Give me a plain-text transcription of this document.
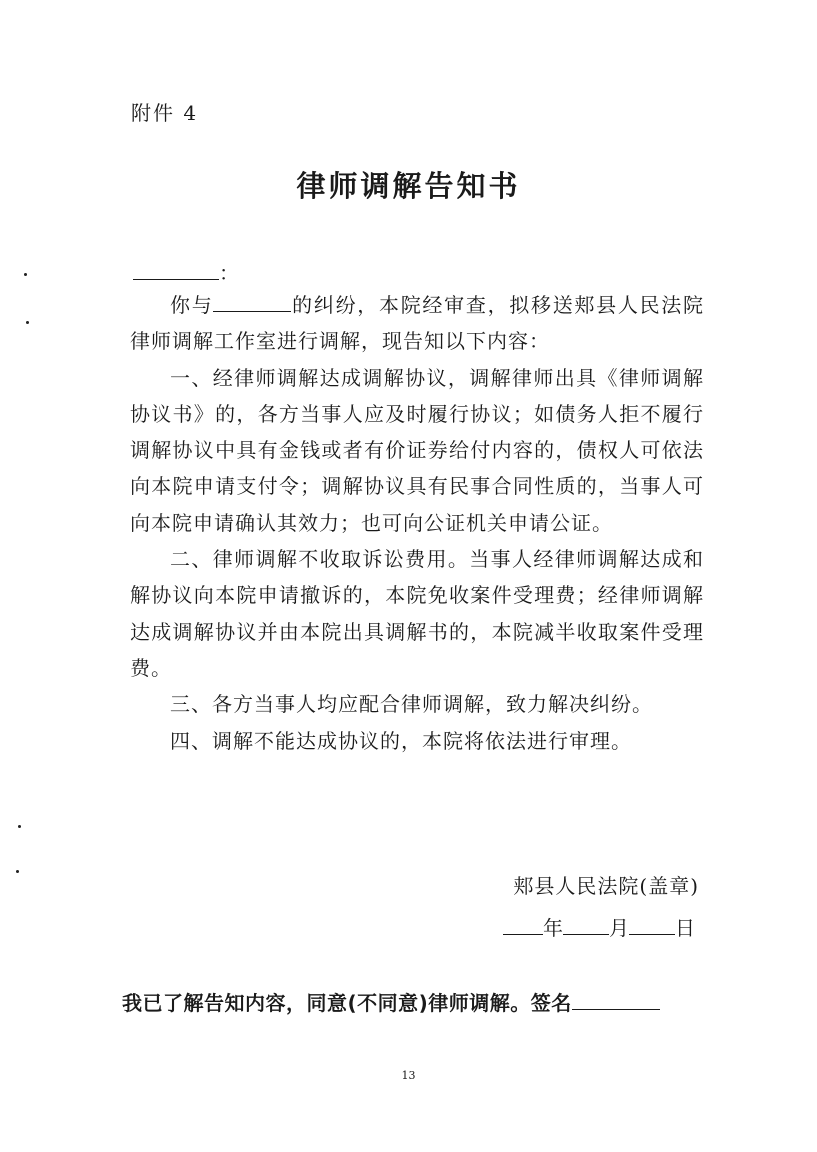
附件 4
律师调解告知书
：

你与	的纠纷，本院经审查，拟移送郏县人民法院律师调解工作室进行调解，现告知以下内容：

一、经律师调解达成调解协议，调解律师出具《律师调解协议书》的，各方当事人应及时履行协议；如债务人拒不履行调解协议中具有金钱或者有价证券给付内容的，债权人可依法向本院申请支付令；调解协议具有民事合同性质的，当事人可向本院申请确认其效力；也可向公证机关申请公证。

二、律师调解不收取诉讼费用。当事人经律师调解达成和解协议向本院申请撤诉的，本院免收案件受理费；经律师调解达成调解协议并由本院出具调解书的，本院减半收取案件受理费。

三、各方当事人均应配合律师调解，致力解决纠纷。

四、调解不能达成协议的，本院将依法进行审理。

郏县人民法院(盖章)
年 月 日
我已了解告知内容，同意(不同意)律师调解。签名
13
